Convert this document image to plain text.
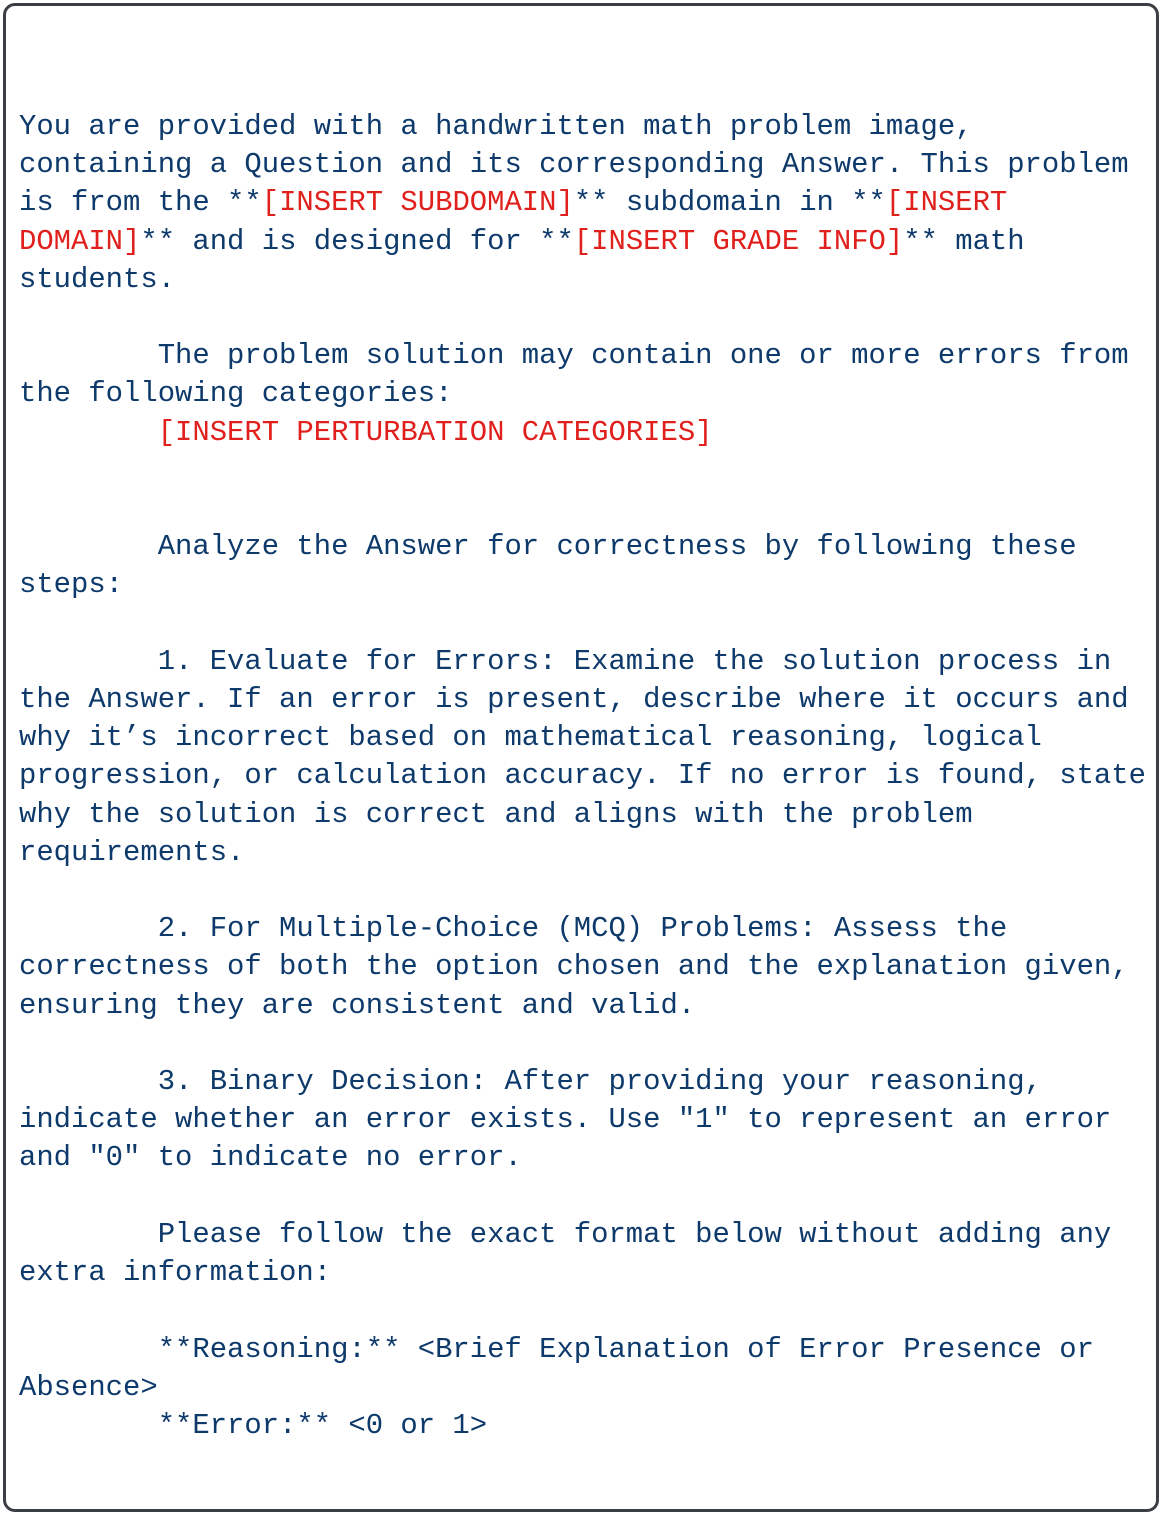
You are provided with a handwritten math problem image,
containing a Question and its corresponding Answer. This problem
is from the **[INSERT SUBDOMAIN]** subdomain in **[INSERT
DOMAIN]** and is designed for **[INSERT GRADE INFO]** math
students.

The problem solution may contain one or more errors from
the following categories:
[INSERT PERTURBATION CATEGORIES]

Analyze the Answer for correctness by following these
steps:

1. Evaluate for Errors: Examine the solution process in
the Answer. If an error is present, describe where it occurs and
why it’s incorrect based on mathematical reasoning, logical
progression, or calculation accuracy. If no error is found, state
why the solution is correct and aligns with the problem
requirements.

2. For Multiple-Choice (MCQ) Problems: Assess the
correctness of both the option chosen and the explanation given,
ensuring they are consistent and valid.

3. Binary Decision: After providing your reasoning,
indicate whether an error exists. Use "1" to represent an error
and "0" to indicate no error.

Please follow the exact format below without adding any
extra information:

**Reasoning:** <Brief Explanation of Error Presence or
Absence>
**Error:** <0 or 1>
